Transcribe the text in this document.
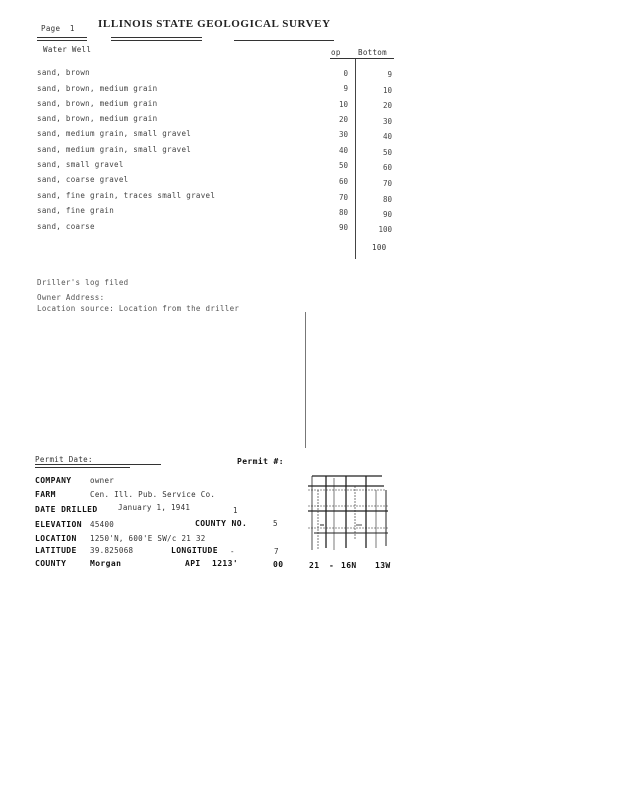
Page 1 ILLINOIS STATE GEOLOGICAL SURVEY
Water Well	op Bottom
sand, brown	0	9
sand, brown, medium grain	9	10
sand, brown, medium grain	10	20
sand, brown, medium grain	20	30
sand, medium grain, small gravel	30	40
sand, medium grain, small gravel	40	50
sand, small gravel	50	60
sand, coarse gravel	60	70
sand, fine grain, traces small gravel	70	80
sand, fine grain	80	90
sand, coarse	90	100
100
Driller's log filed
Owner Address:
Location source: Location from the driller
Permit Date:	Permit #:
COMPANY owner
FARM	Cen. Ill. Pub. Service Co.
DATE DRILLED	January 1, 1941	1
ELEVATION 45400	COUNTY NO.	5
LOCATION 1250'N, 600'E SW/c 21 32
LATITUDE 39.825068	LONGITUDE -	7
COUNTY	Morgan	API 1213'	00	21 - 16N 13W
